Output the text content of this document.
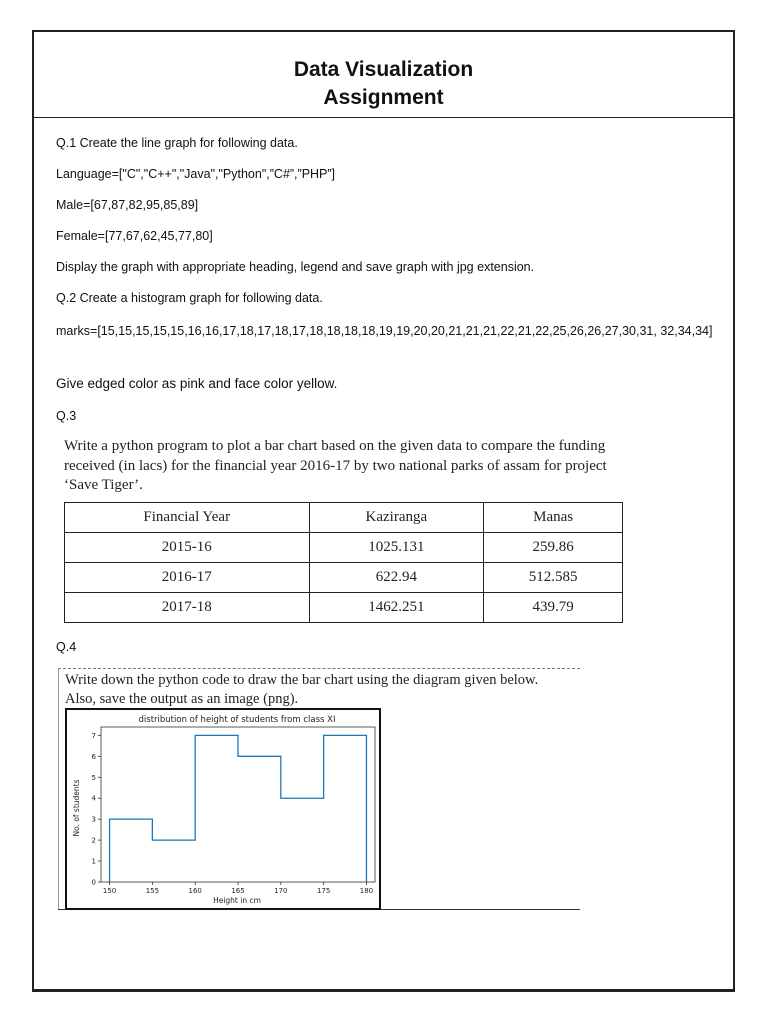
Data Visualization
Assignment
Q.1 Create the line graph for following data.
Language=["C","C++","Java","Python",”C#”,”PHP”]
Male=[67,87,82,95,85,89]
Female=[77,67,62,45,77,80]
Display the graph with appropriate heading, legend and save graph with jpg extension.
Q.2 Create a histogram graph for following data.
marks=[15,15,15,15,15,16,16,17,18,17,18,17,18,18,18,18,19,19,20,20,21,21,21,22,21,22,25,26,26,27,30,31, 32,34,34]
Give edged color as pink and face color yellow.
Q.3
Write a python program to plot a bar chart based on the given data to compare the funding received (in lacs) for the financial year 2016-17 by two national parks of assam for project ‘Save Tiger’.
Financial Year	Kaziranga	Manas
2015-16	1025.131	259.86
2016-17	622.94	512.585
2017-18	1462.251	439.79
Q.4
Write down the python code to draw the bar chart using the diagram given below.
Also, save the output as an image (png).
distribution of height of students from class XI
Height in cm
No. of students
0
1
2
3
4
5
6
7
150	155	160	165	170	175	180
